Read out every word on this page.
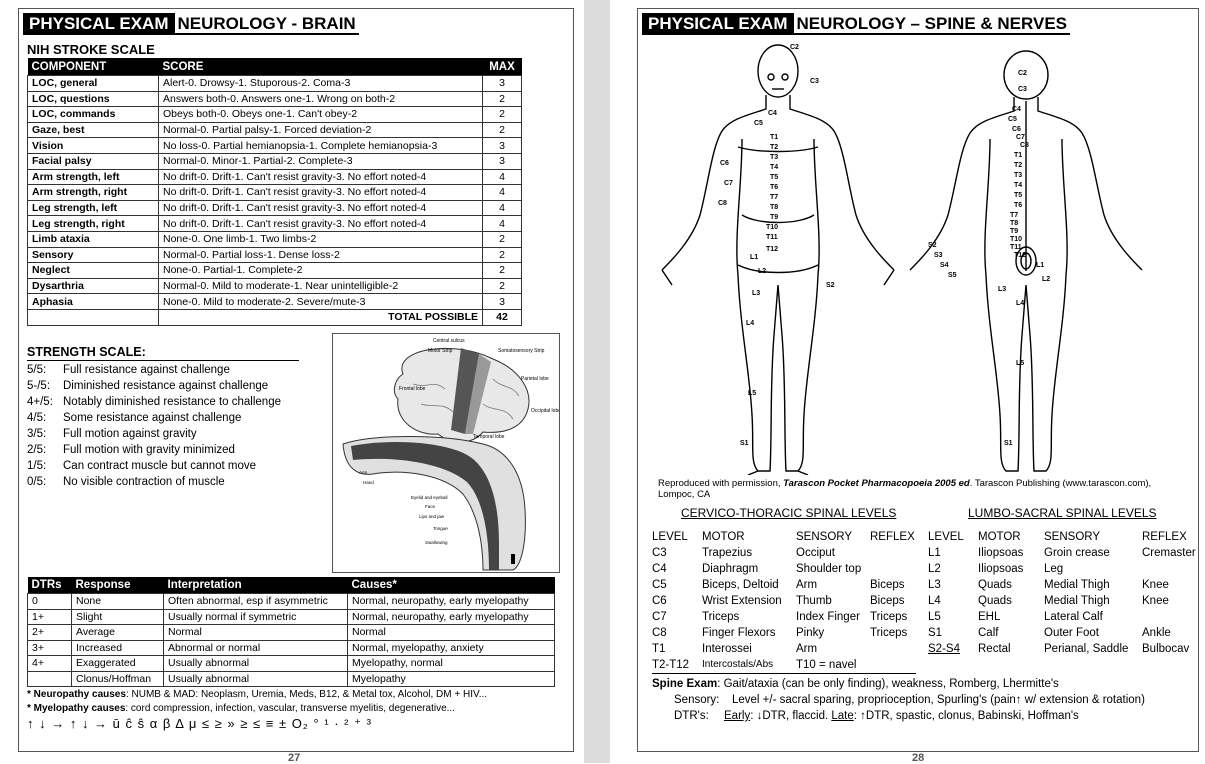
PHYSICAL EXAM NEUROLOGY - BRAIN
NIH STROKE SCALE
COMPONENT	SCORE	MAX
LOC, general	Alert-0. Drowsy-1. Stuporous-2. Coma-3	3
LOC, questions	Answers both-0. Answers one-1. Wrong on both-2	2
LOC, commands	Obeys both-0. Obeys one-1. Can't obey-2	2
Gaze, best	Normal-0. Partial palsy-1. Forced deviation-2	2
Vision	No loss-0. Partial hemianopsia-1. Complete hemianopsia-3	3
Facial palsy	Normal-0. Minor-1. Partial-2. Complete-3	3
Arm strength, left	No drift-0. Drift-1. Can't resist gravity-3. No effort noted-4	4
Arm strength, right	No drift-0. Drift-1. Can't resist gravity-3. No effort noted-4	4
Leg strength, left	No drift-0. Drift-1. Can't resist gravity-3. No effort noted-4	4
Leg strength, right	No drift-0. Drift-1. Can't resist gravity-3. No effort noted-4	4
Limb ataxia	None-0. One limb-1. Two limbs-2	2
Sensory	Normal-0. Partial loss-1. Dense loss-2	2
Neglect	None-0. Partial-1. Complete-2	2
Dysarthria	Normal-0. Mild to moderate-1. Near unintelligible-2	2
Aphasia	None-0. Mild to moderate-2. Severe/mute-3	3
	TOTAL POSSIBLE	42
STRENGTH SCALE:
5/5:	Full resistance against challenge
5-/5:	Diminished resistance against challenge
4+/5: Notably diminished resistance to challenge
4/5:	Some resistance against challenge
3/5:	Full motion against gravity
2/5:	Full motion with gravity minimized
1/5:	Can contract muscle but cannot move
0/5:	No visible contraction of muscle
Central sulcus
Motor Strip	Somatosensory Strip
Frontal lobe
Parietal lobe
Occipital lobe
Temporal lobe
Arm
Hand
Eyelid and eyeball
Face
Lips and jaw
Tongue
Swallowing
DTRs	Response	Interpretation	Causes*
0	None	Often abnormal, esp if asymmetric	Normal, neuropathy, early myelopathy
1+	Slight	Usually normal if symmetric	Normal, neuropathy, early myelopathy
2+	Average	Normal	Normal
3+	Increased	Abnormal or normal	Normal, myelopathy, anxiety
4+	Exaggerated	Usually abnormal	Myelopathy, normal
	Clonus/Hoffman	Usually abnormal	Myelopathy
* Neuropathy causes: NUMB & MAD: Neoplasm, Uremia, Meds, B12, & Metal tox, Alcohol, DM + HIV...
* Myelopathy causes: cord compression, infection, vascular, transverse myelitis, degenerative...
↑ ↓ → ↑ ↓ → ū ĉ ŝ α β Δ μ ≤ ≥ » ≥ ≤ ≡ ± O₂ ° ¹ · ² ⁺ ³
27
PHYSICAL EXAM NEUROLOGY – SPINE & NERVES
C2
C3
C4
C5
T1
T2
T3
T4
T5
T6
T7
T8
T9
T10
T11
T12
L1
L2
L3
L4
L5
S1
S2
C6
C7
C8
C2
C3
C4
C5
C6
C7
C8
T1
T2
T3
T4
T5
T6
T7
T8
T9
T10
T11
T12
L1
L2
L3
L4
L5
S1
S2
S3
S4
S5
Reproduced with permission, Tarascon Pocket Pharmacopoeia 2005 ed. Tarascon Publishing (www.tarascon.com), Lompoc, CA
CERVICO-THORACIC SPINAL LEVELS	LUMBO-SACRAL SPINAL LEVELS
LEVEL	MOTOR	SENSORY	REFLEX
C3	Trapezius	Occiput	
C4	Diaphragm	Shoulder top	
C5	Biceps, Deltoid	Arm	Biceps
C6	Wrist Extension	Thumb	Biceps
C7	Triceps	Index Finger	Triceps
C8	Finger Flexors	Pinky	Triceps
T1	Interossei	Arm	
T2-T12	Intercostals/Abs	T10 = navel	
LEVEL	MOTOR	SENSORY	REFLEX
L1	Iliopsoas	Groin crease	Cremaster
L2	Iliopsoas	Leg	
L3	Quads	Medial Thigh	Knee
L4	Quads	Medial Thigh	Knee
L5	EHL	Lateral Calf	
S1	Calf	Outer Foot	Ankle
S2-S4	Rectal	Perianal, Saddle	Bulbocav
Spine Exam: Gait/ataxia (can be only finding), weakness, Romberg, Lhermitte's
Sensory:	Level +/- sacral sparing, proprioception, Spurling's (pain↑ w/ extension & rotation)
DTR's:	Early: ↓DTR, flaccid. Late: ↑DTR, spastic, clonus, Babinski, Hoffman's
28
